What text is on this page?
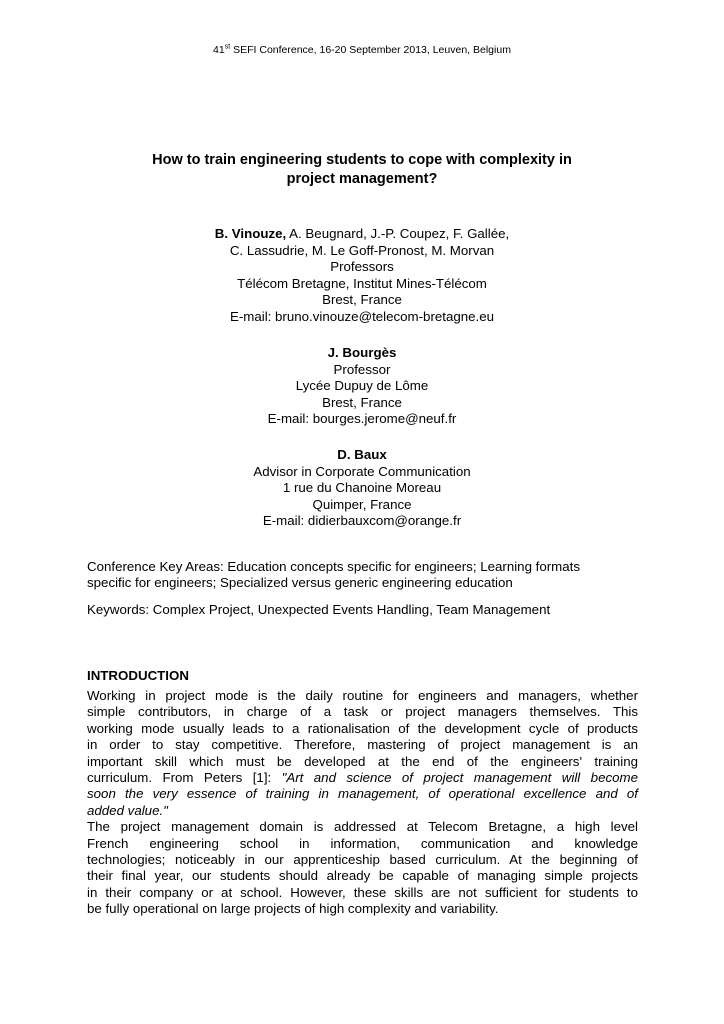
41st SEFI Conference, 16-20 September 2013, Leuven, Belgium
How to train engineering students to cope with complexity in
project management?
B. Vinouze, A. Beugnard, J.-P. Coupez, F. Gallée,
C. Lassudrie, M. Le Goff-Pronost, M. Morvan
Professors
Télécom Bretagne, Institut Mines-Télécom
Brest, France
E-mail: bruno.vinouze@telecom-bretagne.eu
J. Bourgès
Professor
Lycée Dupuy de Lôme
Brest, France
E-mail: bourges.jerome@neuf.fr
D. Baux
Advisor in Corporate Communication
1 rue du Chanoine Moreau
Quimper, France
E-mail: didierbauxcom@orange.fr
Conference Key Areas: Education concepts specific for engineers; Learning formats
specific for engineers; Specialized versus generic engineering education
Keywords: Complex Project, Unexpected Events Handling, Team Management
INTRODUCTION
Working in project mode is the daily routine for engineers and managers, whether
simple contributors, in charge of a task or project managers themselves. This
working mode usually leads to a rationalisation of the development cycle of products
in order to stay competitive. Therefore, mastering of project management is an
important skill which must be developed at the end of the engineers' training
curriculum. From Peters [1]: "Art and science of project management will become
soon the very essence of training in management, of operational excellence and of
added value."
The project management domain is addressed at Telecom Bretagne, a high level
French engineering school in information, communication and knowledge
technologies; noticeably in our apprenticeship based curriculum. At the beginning of
their final year, our students should already be capable of managing simple projects
in their company or at school. However, these skills are not sufficient for students to
be fully operational on large projects of high complexity and variability.
